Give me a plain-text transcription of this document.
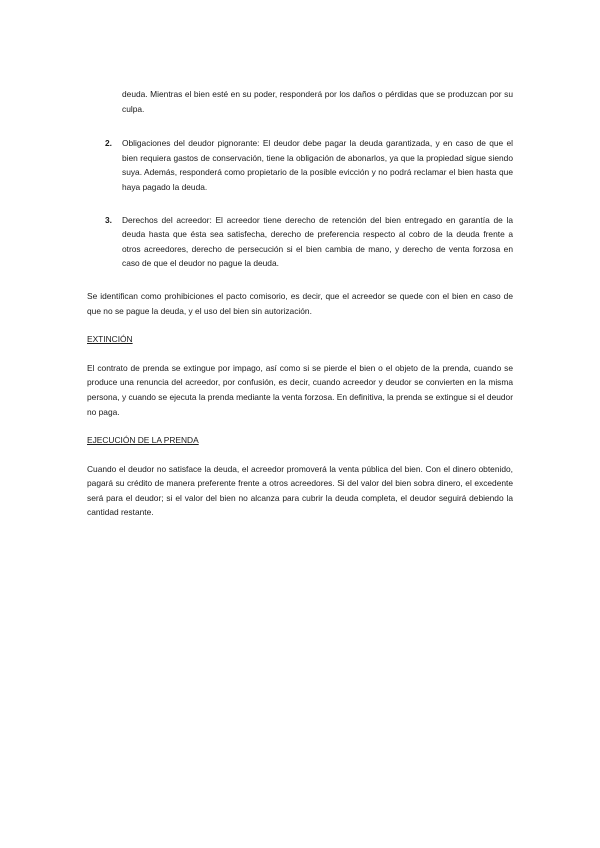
deuda. Mientras el bien esté en su poder, responderá por los daños o pérdidas que se produzcan por su culpa.

2.	Obligaciones del deudor pignorante: El deudor debe pagar la deuda garantizada, y en caso de que el bien requiera gastos de conservación, tiene la obligación de abonarlos, ya que la propiedad sigue siendo suya. Además, responderá como propietario de la posible evicción y no podrá reclamar el bien hasta que haya pagado la deuda.

3.	Derechos del acreedor: El acreedor tiene derecho de retención del bien entregado en garantía de la deuda hasta que ésta sea satisfecha, derecho de preferencia respecto al cobro de la deuda frente a otros acreedores, derecho de persecución si el bien cambia de mano, y derecho de venta forzosa en caso de que el deudor no pague la deuda.

Se identifican como prohibiciones el pacto comisorio, es decir, que el acreedor se quede con el bien en caso de que no se pague la deuda, y el uso del bien sin autorización.

EXTINCIÓN

El contrato de prenda se extingue por impago, así como si se pierde el bien o el objeto de la prenda, cuando se produce una renuncia del acreedor, por confusión, es decir, cuando acreedor y deudor se convierten en la misma persona, y cuando se ejecuta la prenda mediante la venta forzosa. En definitiva, la prenda se extingue si el deudor no paga.

EJECUCIÓN DE LA PRENDA

Cuando el deudor no satisface la deuda, el acreedor promoverá la venta pública del bien. Con el dinero obtenido, pagará su crédito de manera preferente frente a otros acreedores. Si del valor del bien sobra dinero, el excedente será para el deudor; si el valor del bien no alcanza para cubrir la deuda completa, el deudor seguirá debiendo la cantidad restante.
